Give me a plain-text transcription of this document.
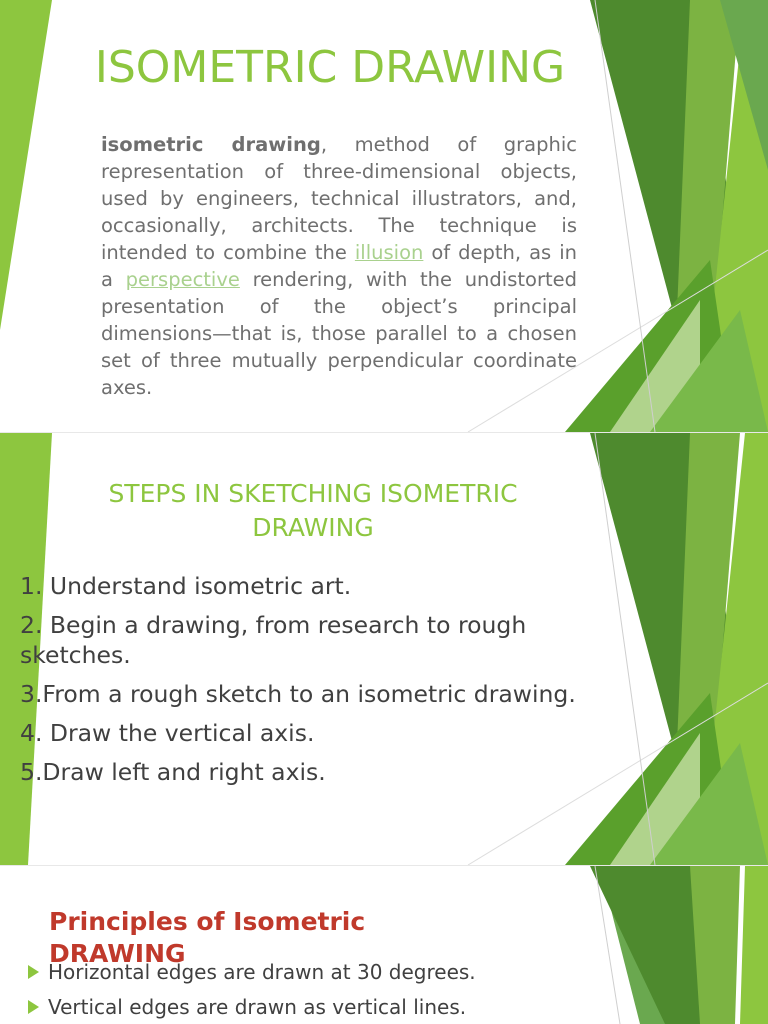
ISOMETRIC DRAWING

isometric drawing, method of graphic representation of three-dimensional objects, used by engineers, technical illustrators, and, occasionally, architects. The technique is intended to combine the illusion of depth, as in a perspective rendering, with the undistorted presentation of the object’s principal dimensions—that is, those parallel to a chosen set of three mutually perpendicular coordinate axes.

STEPS IN SKETCHING ISOMETRIC DRAWING
1. Understand isometric art.
2. Begin a drawing, from research to rough sketches.
3.From a rough sketch to an isometric drawing.
4. Draw the vertical axis.
5.Draw left and right axis.
Principles of Isometric DRAWING
Horizontal edges are drawn at 30 degrees.
Vertical edges are drawn as vertical lines.
